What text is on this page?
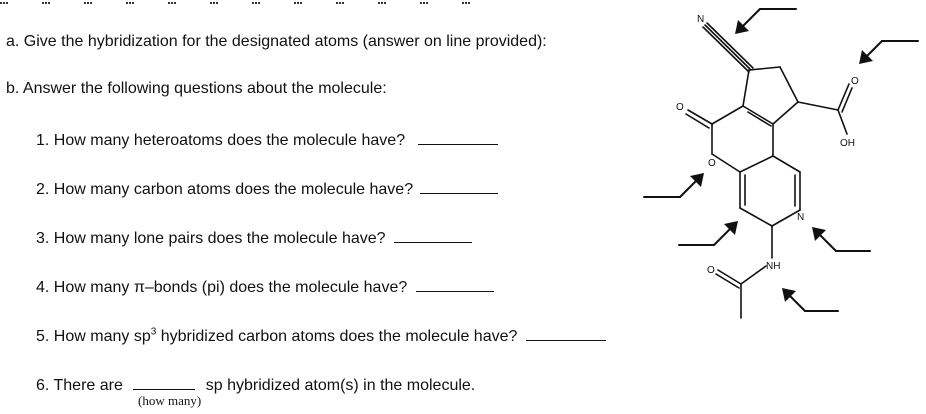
a. Give the hybridization for the designated atoms (answer on line provided):
b. Answer the following questions about the molecule:
1. How many heteroatoms does the molecule have?
2. How many carbon atoms does the molecule have?
3. How many lone pairs does the molecule have?
4. How many π–bonds (pi) does the molecule have?
5. How many $sp^3$ hybridized carbon atoms does the molecule have?
6. There are	sp hybridized atom(s) in the molecule.
(how many)
N
O
OH
O
O
N
NH
O
